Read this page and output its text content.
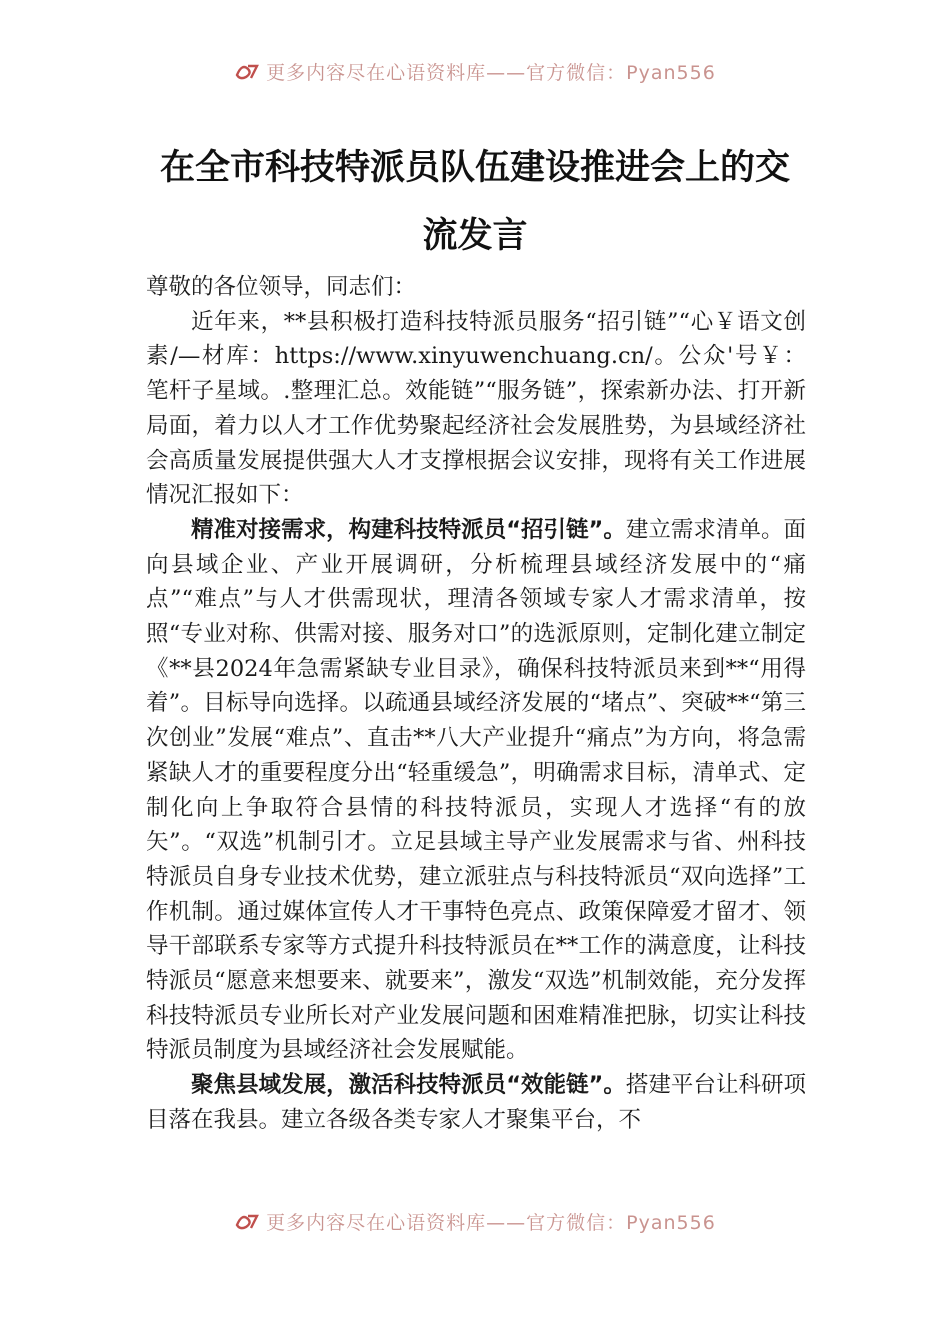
更多内容尽在心语资料库——官方微信：Pyan556
在全市科技特派员队伍建设推进会上的交
流发言

尊敬的各位领导，同志们：

近年来，**县积极打造科技特派员服务“招引链”“心￥语文创素/—材库：https://www.xinyuwenchuang.cn/。公众'号￥：笔杆子星域。.整理汇总。效能链”“服务链”，探索新办法、打开新局面，着力以人才工作优势聚起经济社会发展胜势，为县域经济社会高质量发展提供强大人才支撑根据会议安排，现将有关工作进展情况汇报如下：

精准对接需求，构建科技特派员“招引链”。建立需求清单。面向县域企业、产业开展调研，分析梳理县域经济发展中的“痛点”“难点”与人才供需现状，理清各领域专家人才需求清单，按照“专业对称、供需对接、服务对口”的选派原则，定制化建立制定《**县2024年急需紧缺专业目录》，确保科技特派员来到**“用得着”。目标导向选择。以疏通县域经济发展的“堵点”、突破**“第三次创业”发展“难点”、直击**八大产业提升“痛点”为方向，将急需紧缺人才的重要程度分出“轻重缓急”，明确需求目标，清单式、定制化向上争取符合县情的科技特派员，实现人才选择“有的放矢”。“双选”机制引才。立足县域主导产业发展需求与省、州科技特派员自身专业技术优势，建立派驻点与科技特派员“双向选择”工作机制。通过媒体宣传人才干事特色亮点、政策保障爱才留才、领导干部联系专家等方式提升科技特派员在**工作的满意度，让科技特派员“愿意来想要来、就要来”，激发“双选”机制效能，充分发挥科技特派员专业所长对产业发展问题和困难精准把脉，切实让科技特派员制度为县域经济社会发展赋能。

聚焦县域发展，激活科技特派员“效能链”。搭建平台让科研项目落在我县。建立各级各类专家人才聚集平台，不

更多内容尽在心语资料库——官方微信：Pyan556
